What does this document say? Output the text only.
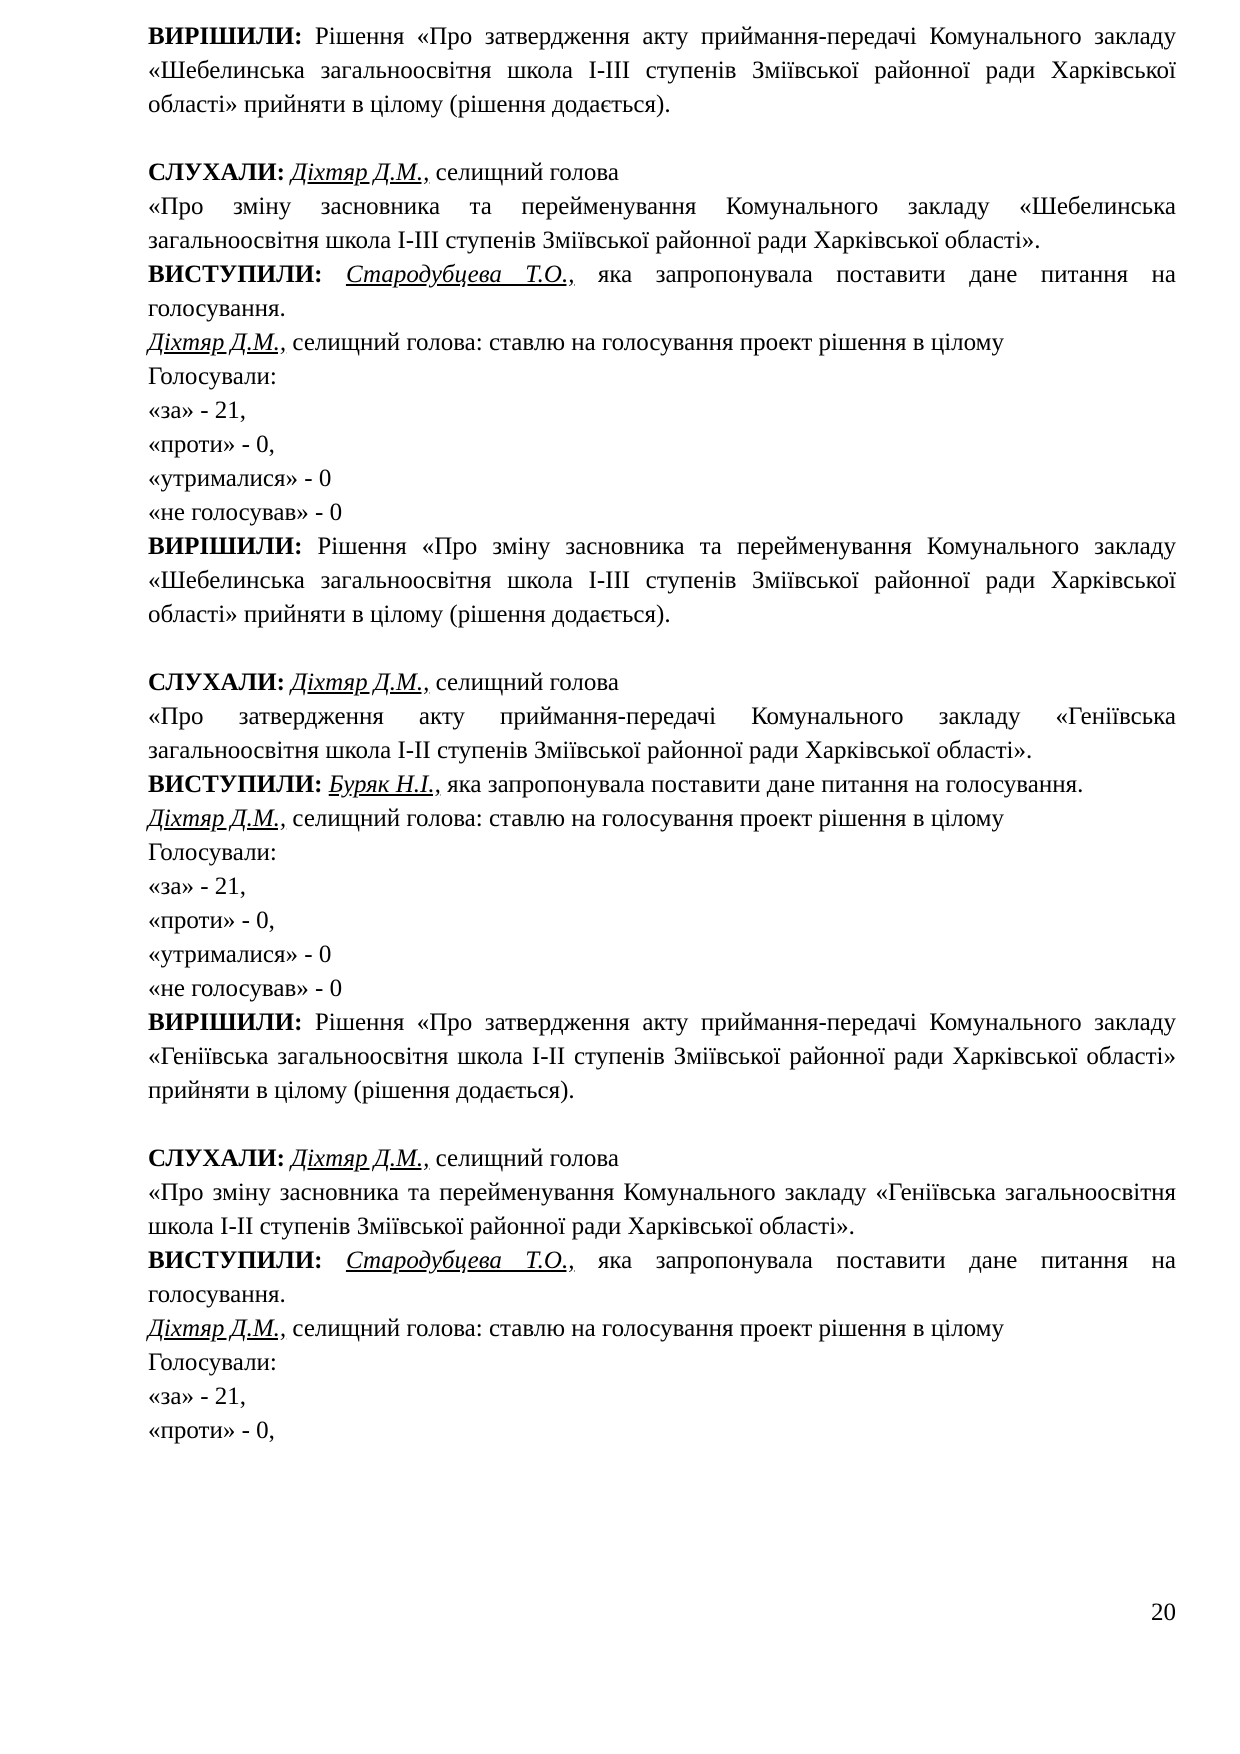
ВИРІШИЛИ: Рішення «Про затвердження акту приймання-передачі Комунального закладу «Шебелинська загальноосвітня школа І-ІІІ ступенів Зміївської районної ради Харківської області» прийняти в цілому (рішення додається).

СЛУХАЛИ: Діхтяр Д.М., селищний голова

«Про зміну засновника та перейменування Комунального закладу «Шебелинська загальноосвітня школа І-ІІІ ступенів Зміївської районної ради Харківської області».

ВИСТУПИЛИ: Стародубцева Т.О., яка запропонувала поставити дане питання на голосування.

Діхтяр Д.М., селищний голова: ставлю на голосування проект рішення в цілому

Голосували:

«за» - 21,

«проти» - 0,

«утрималися» - 0

«не голосував» - 0

ВИРІШИЛИ: Рішення «Про зміну засновника та перейменування Комунального закладу «Шебелинська загальноосвітня школа І-ІІІ ступенів Зміївської районної ради Харківської області» прийняти в цілому (рішення додається).

СЛУХАЛИ: Діхтяр Д.М., селищний голова

«Про затвердження акту приймання-передачі Комунального закладу «Геніївська загальноосвітня школа І-ІІ ступенів Зміївської районної ради Харківської області».

ВИСТУПИЛИ: Буряк Н.І., яка запропонувала поставити дане питання на голосування.

Діхтяр Д.М., селищний голова: ставлю на голосування проект рішення в цілому

Голосували:

«за» - 21,

«проти» - 0,

«утрималися» - 0

«не голосував» - 0

ВИРІШИЛИ: Рішення «Про затвердження акту приймання-передачі Комунального закладу «Геніївська загальноосвітня школа І-ІІ ступенів Зміївської районної ради Харківської області» прийняти в цілому (рішення додається).

СЛУХАЛИ: Діхтяр Д.М., селищний голова

«Про зміну засновника та перейменування Комунального закладу «Геніївська загальноосвітня школа І-ІІ ступенів Зміївської районної ради Харківської області».

ВИСТУПИЛИ: Стародубцева Т.О., яка запропонувала поставити дане питання на голосування.

Діхтяр Д.М., селищний голова: ставлю на голосування проект рішення в цілому

Голосували:

«за» - 21,

«проти» - 0,

20
